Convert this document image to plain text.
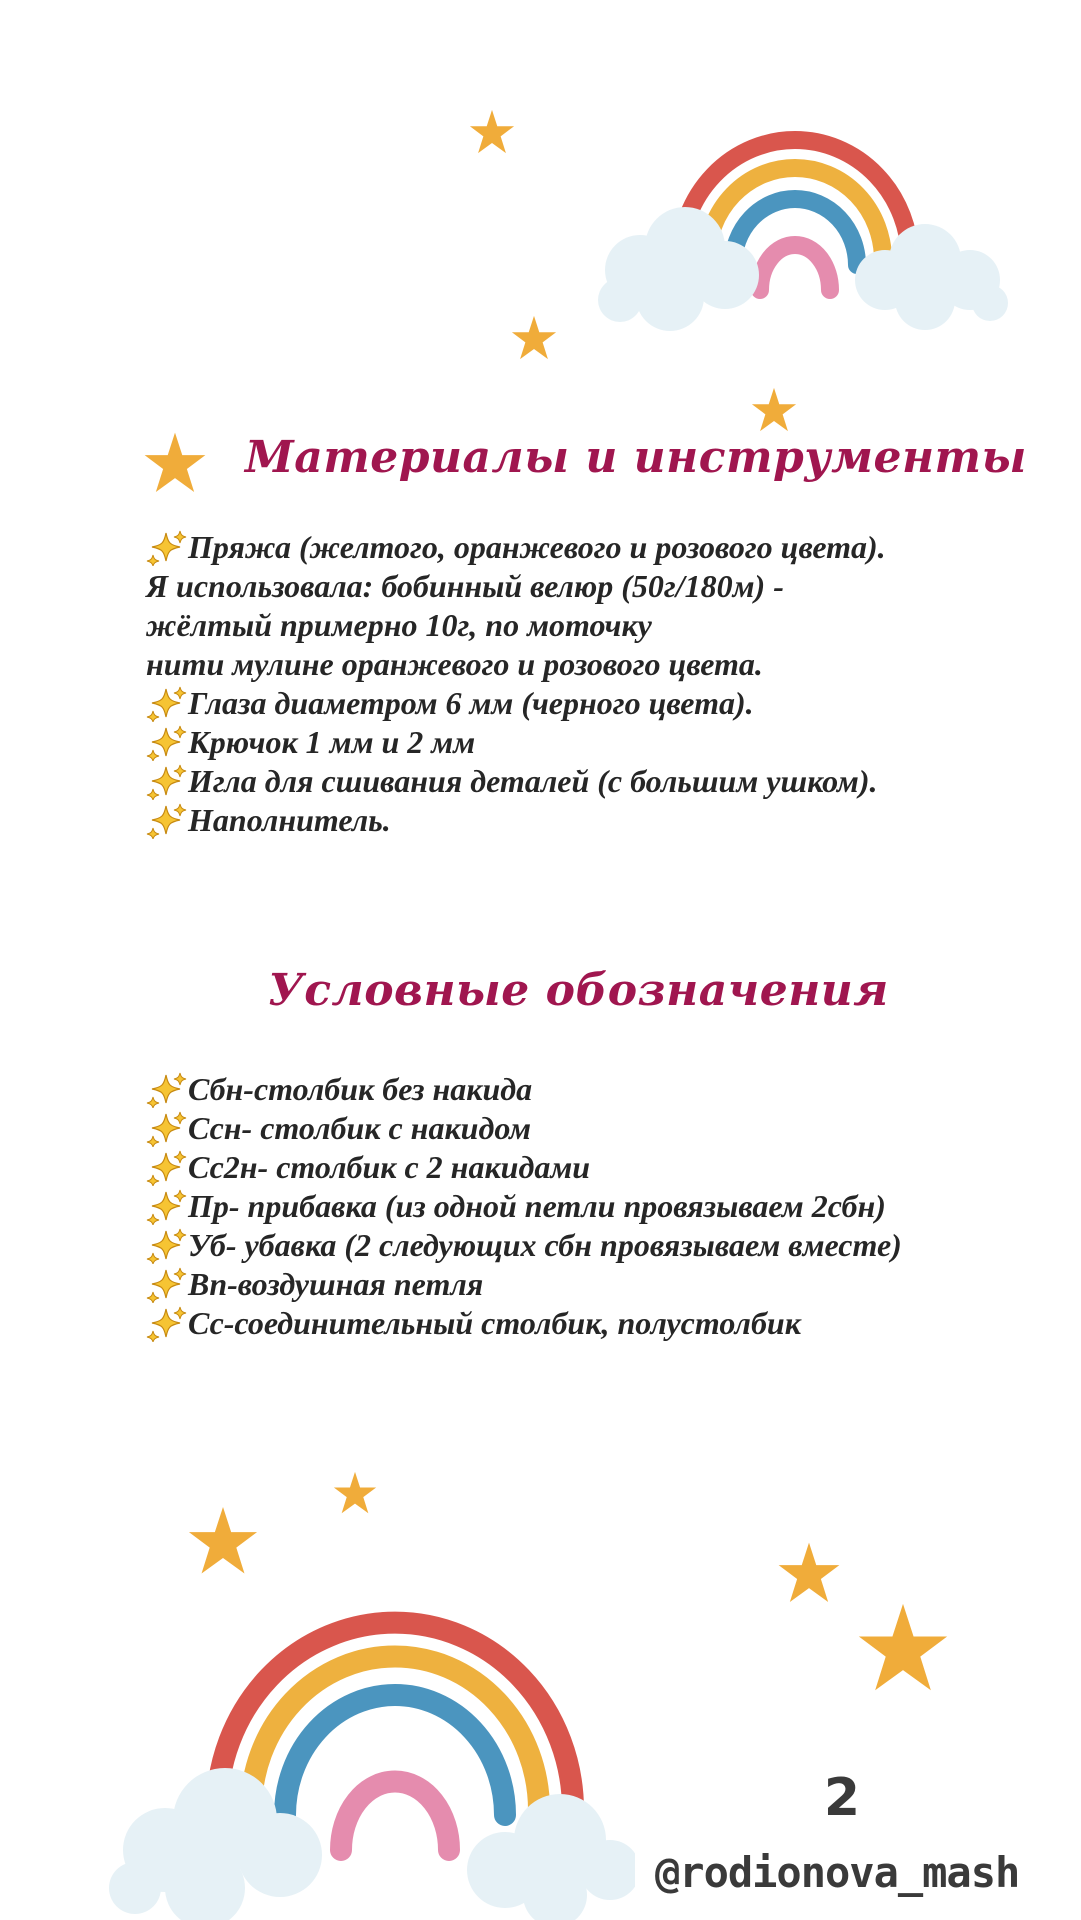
Материалы и инструменты
Пряжа (желтого, оранжевого и розового цвета).
Я использовала: бобинный велюр (50г/180м) -
жёлтый примерно 10г, по моточку
нити мулине оранжевого и розового цвета.
Глаза диаметром 6 мм (черного цвета).
Крючок 1 мм и 2 мм
Игла для сшивания деталей (с большим ушком).
Наполнитель.
Условные обозначения
Сбн-столбик без накида
Ссн- столбик с накидом
Сс2н- столбик с 2 накидами
Пр- прибавка (из одной петли провязываем 2сбн)
Уб- убавка (2 следующих сбн провязываем вместе)
Вп-воздушная петля
Сс-соединительный столбик, полустолбик
2
@rodionova_mash
